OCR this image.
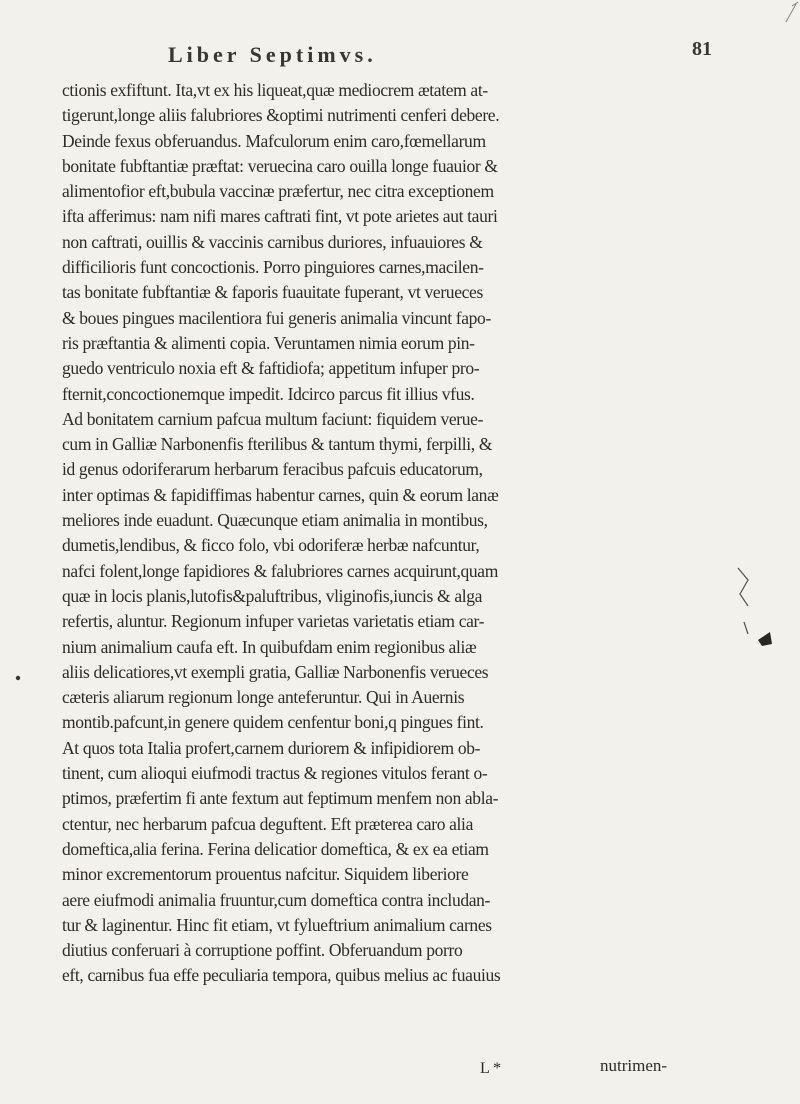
Liber Septimvs.	81
ctionis exfiftunt. Ita,vt ex his liqueat,quæ mediocrem ætatem at-
tigerunt,longe aliis falubriores &optimi nutrimenti cenferi debere.
Deinde fexus obferuandus. Mafculorum enim caro,fœmellarum
bonitate fubftantiæ præftat: veruecina caro ouilla longe fuauior &
alimentofior eft,bubula vaccinæ præfertur, nec citra exceptionem
ifta afferimus: nam nifi mares caftrati fint, vt pote arietes aut tauri
non caftrati, ouillis & vaccinis carnibus duriores, infuauiores &
difficilioris funt concoctionis. Porro pinguiores carnes,macilen-
tas bonitate fubftantiæ & faporis fuauitate fuperant, vt veruеces
& boues pingues macilentiora fui generis animalia vincunt fapo-
ris præftantia & alimenti copia. Veruntamen nimia eorum pin-
guedo ventriculo noxia eft & faftidiofa; appetitum infuper pro-
fternit,concoctionemque impedit. Idcirco parcus fit illius vfus.
Ad bonitatem carnium pafcua multum faciunt: fiquidem verue-
cum in Galliæ Narbonenfis fterilibus & tantum thymi, ferpilli, &
id genus odoriferarum herbarum feracibus pafcuis educatorum,
inter optimas & fapidiffimas habentur carnes, quin & eorum lanæ
meliores inde euadunt. Quæcunque etiam animalia in montibus,
dumetis,lendibus, & ficco folo, vbi odoriferæ herbæ nafcuntur,
nafci folent,longe fapidiores & falubriores carnes acquirunt,quam
quæ in locis planis,lutofis&paluftribus, vliginofis,iuncis & alga
refertis, aluntur. Regionum infuper varietas varietatis etiam car-
nium animalium caufa eft. In quibufdam enim regionibus aliæ
aliis delicatiores,vt exempli gratia, Galliæ Narbonenfis verueces
cæteris aliarum regionum longe anteferuntur. Qui in Auernis
montib.pafcunt,in genere quidem cenfentur boni,q pingues fint.
At quos tota Italia profert,carnem duriorem & infipidiorem ob-
tinent, cum alioqui eiufmodi tractus & regiones vitulos ferant o-
ptimos, præfertim fi ante fextum aut feptimum menfem non abla-
ctentur, nec herbarum pafcua deguftent. Eft præterea caro alia
domeftica,alia ferina. Ferina delicatior domeftica, & ex ea etiam
minor excrementorum prouentus nafcitur. Siquidem liberiore
aere eiufmodi animalia fruuntur,cum domeftica contra includan-
tur & laginentur. Hinc fit etiam, vt fylueftrium animalium carnes
diutius conferuari à corruptione poffint. Obferuandum porro
eft, carnibus fua effe peculiaria tempora, quibus melius ac fuauius
L *	nutrimen-
